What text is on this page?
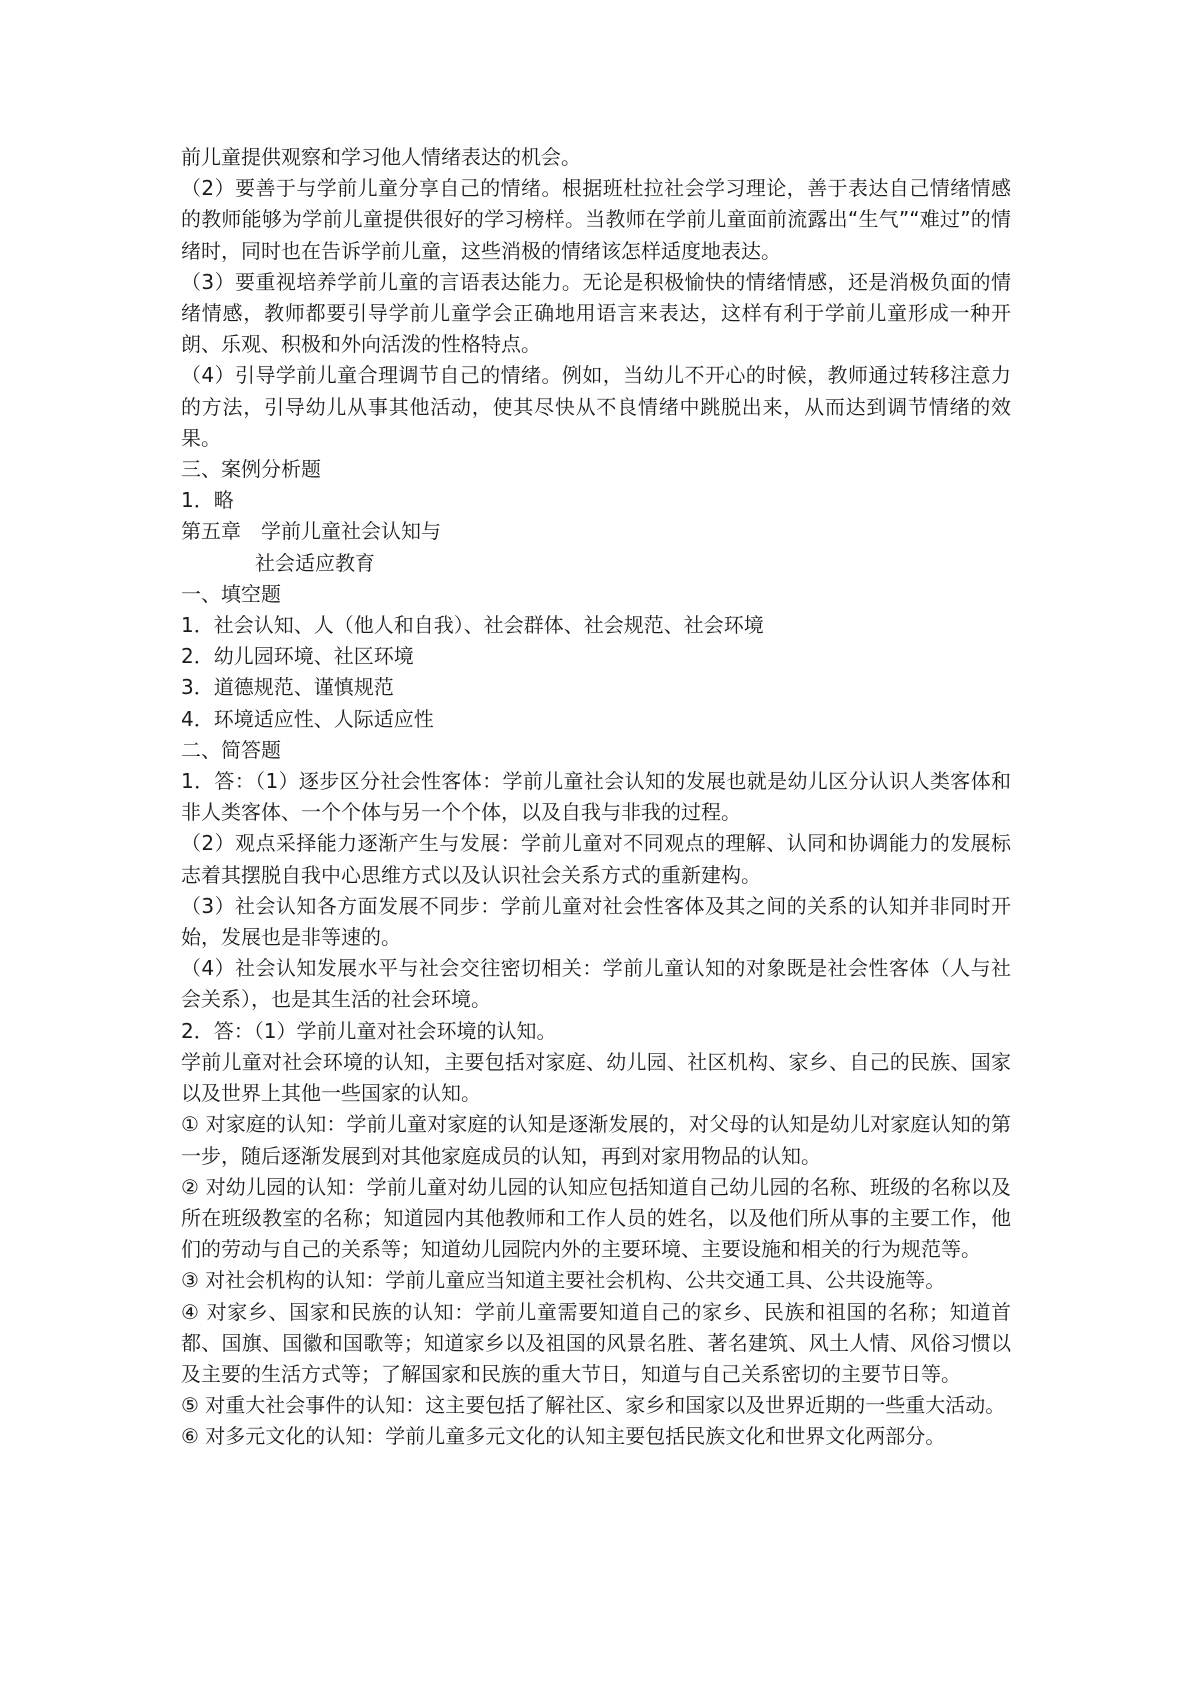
前儿童提供观察和学习他人情绪表达的机会。

（2）要善于与学前儿童分享自己的情绪。根据班杜拉社会学习理论，善于表达自己情绪情感的教师能够为学前儿童提供很好的学习榜样。当教师在学前儿童面前流露出“生气”“难过”的情绪时，同时也在告诉学前儿童，这些消极的情绪该怎样适度地表达。

（3）要重视培养学前儿童的言语表达能力。无论是积极愉快的情绪情感，还是消极负面的情绪情感，教师都要引导学前儿童学会正确地用语言来表达，这样有利于学前儿童形成一种开朗、乐观、积极和外向活泼的性格特点。

（4）引导学前儿童合理调节自己的情绪。例如，当幼儿不开心的时候，教师通过转移注意力的方法，引导幼儿从事其他活动，使其尽快从不良情绪中跳脱出来，从而达到调节情绪的效果。

三、案例分析题

1．略

第五章　学前儿童社会认知与

社会适应教育

一、填空题

1．社会认知、人（他人和自我）、社会群体、社会规范、社会环境

2．幼儿园环境、社区环境

3．道德规范、谨慎规范

4．环境适应性、人际适应性

二、简答题

1．答：（1）逐步区分社会性客体：学前儿童社会认知的发展也就是幼儿区分认识人类客体和非人类客体、一个个体与另一个个体，以及自我与非我的过程。

（2）观点采择能力逐渐产生与发展：学前儿童对不同观点的理解、认同和协调能力的发展标志着其摆脱自我中心思维方式以及认识社会关系方式的重新建构。

（3）社会认知各方面发展不同步：学前儿童对社会性客体及其之间的关系的认知并非同时开始，发展也是非等速的。

（4）社会认知发展水平与社会交往密切相关：学前儿童认知的对象既是社会性客体（人与社会关系），也是其生活的社会环境。

2．答：（1）学前儿童对社会环境的认知。

学前儿童对社会环境的认知，主要包括对家庭、幼儿园、社区机构、家乡、自己的民族、国家以及世界上其他一些国家的认知。

① 对家庭的认知：学前儿童对家庭的认知是逐渐发展的，对父母的认知是幼儿对家庭认知的第一步，随后逐渐发展到对其他家庭成员的认知，再到对家用物品的认知。

② 对幼儿园的认知：学前儿童对幼儿园的认知应包括知道自己幼儿园的名称、班级的名称以及所在班级教室的名称；知道园内其他教师和工作人员的姓名，以及他们所从事的主要工作，他们的劳动与自己的关系等；知道幼儿园院内外的主要环境、主要设施和相关的行为规范等。

③ 对社会机构的认知：学前儿童应当知道主要社会机构、公共交通工具、公共设施等。

④ 对家乡、国家和民族的认知：学前儿童需要知道自己的家乡、民族和祖国的名称；知道首都、国旗、国徽和国歌等；知道家乡以及祖国的风景名胜、著名建筑、风土人情、风俗习惯以及主要的生活方式等；了解国家和民族的重大节日，知道与自己关系密切的主要节日等。

⑤ 对重大社会事件的认知：这主要包括了解社区、家乡和国家以及世界近期的一些重大活动。

⑥ 对多元文化的认知：学前儿童多元文化的认知主要包括民族文化和世界文化两部分。
